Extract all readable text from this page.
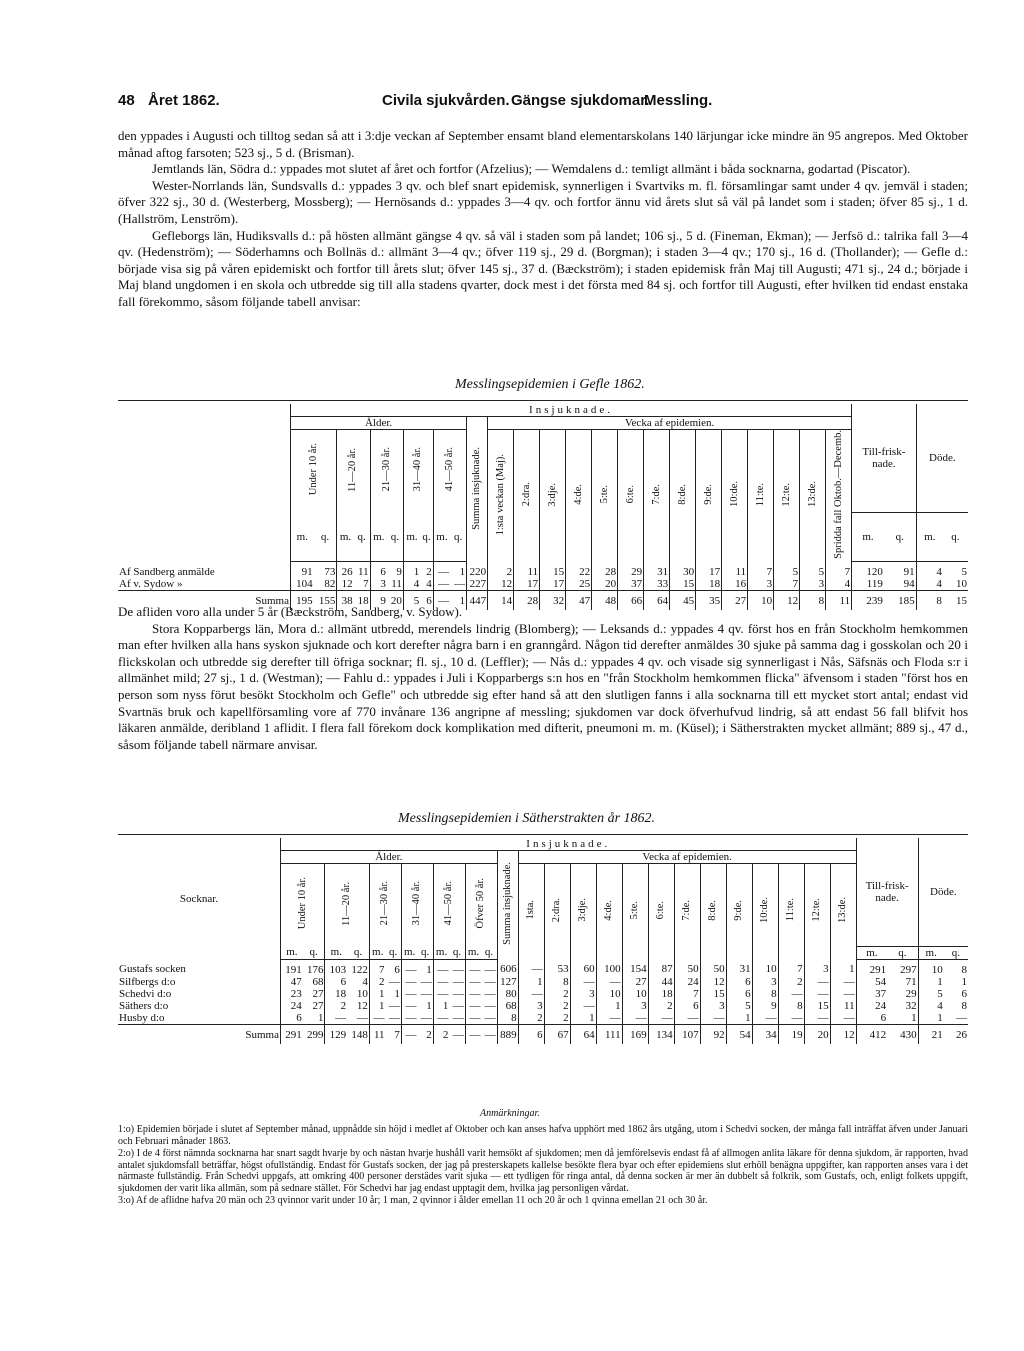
48 Året 1862.	Civila sjukvården. Gängse sjukdomar.
Messling.

den yppades i Augusti och tilltog sedan så att i 3:dje veckan af September ensamt bland elementarskolans 140 lärjungar icke mindre än 95 angrepos. Med Oktober månad aftog farsoten; 523 sj., 5 d. (Brisman).

Jemtlands län, Södra d.: yppades mot slutet af året och fortfor (Afzelius); — Wemdalens d.: temligt allmänt i båda socknarna, godartad (Piscator).

Wester-Norrlands län, Sundsvalls d.: yppades 3 qv. och blef snart epidemisk, synnerligen i Svartviks m. fl. församlingar samt under 4 qv. jemväl i staden; öfver 322 sj., 30 d. (Westerberg, Mossberg); — Hernösands d.: yppades 3—4 qv. och fortfor ännu vid årets slut så väl på landet som i staden; öfver 85 sj., 1 d. (Hallström, Lenström).

Gefleborgs län, Hudiksvalls d.: på hösten allmänt gängse 4 qv. så väl i staden som på landet; 106 sj., 5 d. (Fineman, Ekman); — Jerfsö d.: talrika fall 3—4 qv. (Hedenström); — Söderhamns och Bollnäs d.: allmänt 3—4 qv.; öfver 119 sj., 29 d. (Borgman); i staden 3—4 qv.; 170 sj., 16 d. (Thollander); — Gefle d.: började visa sig på våren epidemiskt och fortfor till årets slut; öfver 145 sj., 37 d. (Bæckström); i staden epidemisk från Maj till Augusti; 471 sj., 24 d.; började i Maj bland ungdomen i en skola och utbredde sig till alla stadens qvarter, dock mest i det första med 84 sj. och fortfor till Augusti, efter hvilken tid endast enstaka fall förekommo, såsom följande tabell anvisar:

Messlingsepidemien i Gefle 1862.
	Insjuknade.																									Till-frisk-nade.		Döde.	
	Ålder.										Summa insjuknade.	Vecka af epidemien.																	
	Under 10 år.		11—20 år.		21—30 år.		31—40 år.		41—50 år.			1:sta veckan (Maj).	2:dra.	3:dje.	4:de.	5:te.	6:te.	7:de.	8:de.	9:de.	10:de.	11:te.	12:te.	13:de.	Spridda fall Oktob.—Decemb.				
	m.	q.	m.	q.	m.	q.	m.	q.	m.	q.																m.	q.	m.	q.
Af Sandberg anmälde	91	73	26	11	6	9	1	2	—	1	220	2	11	15	22	28	29	31	30	17	11	7	5	5	7	120	91	4	5
Af v. Sydow »	104	82	12	7	3	11	4	4	—	—	227	12	17	17	25	20	37	33	15	18	16	3	7	3	4	119	94	4	10
Summa	195	155	38	18	9	20	5	6	—	1	447	14	28	32	47	48	66	64	45	35	27	10	12	8	11	239	185	8	15

De afliden voro alla under 5 år (Bæckström, Sandberg, v. Sydow).

Stora Kopparbergs län, Mora d.: allmänt utbredd, merendels lindrig (Blomberg); — Leksands d.: yppades 4 qv. först hos en från Stockholm hemkommen man efter hvilken alla hans syskon sjuknade och kort derefter några barn i en granngård. Någon tid derefter anmäldes 30 sjuke på samma dag i gosskolan och 20 i flickskolan och utbredde sig derefter till öfriga socknar; fl. sj., 10 d. (Leffler); — Nås d.: yppades 4 qv. och visade sig synnerligast i Nås, Säfsnäs och Floda s:r i allmänhet mild; 27 sj., 1 d. (Westman); — Fahlu d.: yppades i Juli i Kopparbergs s:n hos en "från Stockholm hemkommen flicka" äfvensom i staden "först hos en person som nyss förut besökt Stockholm och Gefle" och utbredde sig efter hand så att den slutligen fanns i alla socknarna till ett mycket stort antal; endast vid Svartnäs bruk och kapellförsamling vore af 770 invånare 136 angripne af messling; sjukdomen var dock öfverhufvud lindrig, så att endast 56 fall blifvit hos läkaren anmälde, deribland 1 aflidit. I flera fall förekom dock komplikation med difterit, pneumoni m. m. (Küsel); i Sätherstrakten mycket allmänt; 889 sj., 47 d., såsom följande tabell närmare anvisar.

Messlingsepidemien i Sätherstrakten år 1862.
Socknar.	Insjuknade.																										Till-frisk-nade.		Döde.	
	Ålder.												Summa insjuknade.	Vecka af epidemien.																
	Under 10 år.		11—20 år.		21—30 år.		31—40 år.		41—50 år.		Öfver 50 år.			1sta.	2:dra.	3:dje.	4:de.	5:te.	6:te.	7:de.	8:de.	9:de.	10:de.	11:te.	12:te.	13:de.				
	m.	q.	m.	q.	m.	q.	m.	q.	m.	q.	m.	q.															m.	q.	m.	q.
Gustafs socken	191	176	103	122	7	6	—	1	—	—	—	—	606	—	53	60	100	154	87	50	50	31	10	7	3	1	291	297	10	8
Silfbergs d:o	47	68	6	4	2	—	—	—	—	—	—	—	127	1	8	—	—	27	44	24	12	6	3	2	—	—	54	71	1	1
Schedvi d:o	23	27	18	10	1	1	—	—	—	—	—	—	80	—	2	3	10	10	18	7	15	6	8	—	—	—	37	29	5	6
Säthers d:o	24	27	2	12	1	—	—	1	1	—	—	—	68	3	2	—	1	3	2	6	3	5	9	8	15	11	24	32	4	8
Husby d:o	6	1	—	—	—	—	—	—	—	—	—	—	8	2	2	1	—	—	—	—	—	1	—	—	—	—	6	1	1	—
Summa	291	299	129	148	11	7	—	2	2	—	—	—	889	6	67	64	111	169	134	107	92	54	34	19	20	12	412	430	21	26
Anmärkningar.

1:o) Epidemien började i slutet af September månad, uppnådde sin höjd i medlet af Oktober och kan anses hafva upphört med 1862 års utgång, utom i Schedvi socken, der många fall inträffat äfven under Januari och Februari månader 1863.

2:o) I de 4 först nämnda socknarna har snart sagdt hvarje by och nästan hvarje hushåll varit hemsökt af sjukdomen; men då jemförelsevis endast få af allmogen anlita läkare för denna sjukdom, är rapporten, hvad antalet sjukdomsfall beträffar, högst ofullständig. Endast för Gustafs socken, der jag på presterskapets kallelse besökte flera byar och efter epidemiens slut erhöll benägna uppgifter, kan rapporten anses vara i det närmaste fullständig. Från Schedvi uppgafs, att omkring 400 personer derstädes varit sjuka — ett tydligen för ringa antal, då denna socken är mer än dubbelt så folkrik, som Gustafs, och, enligt folkets uppgift, sjukdomen der varit lika allmän, som på sednare stället. För Schedvi har jag endast upptagit dem, hvilka jag personligen vårdat.

3:o) Af de aflidne hafva 20 män och 23 qvinnor varit under 10 år; 1 man, 2 qvinnor i ålder emellan 11 och 20 år och 1 qvinna emellan 21 och 30 år.
